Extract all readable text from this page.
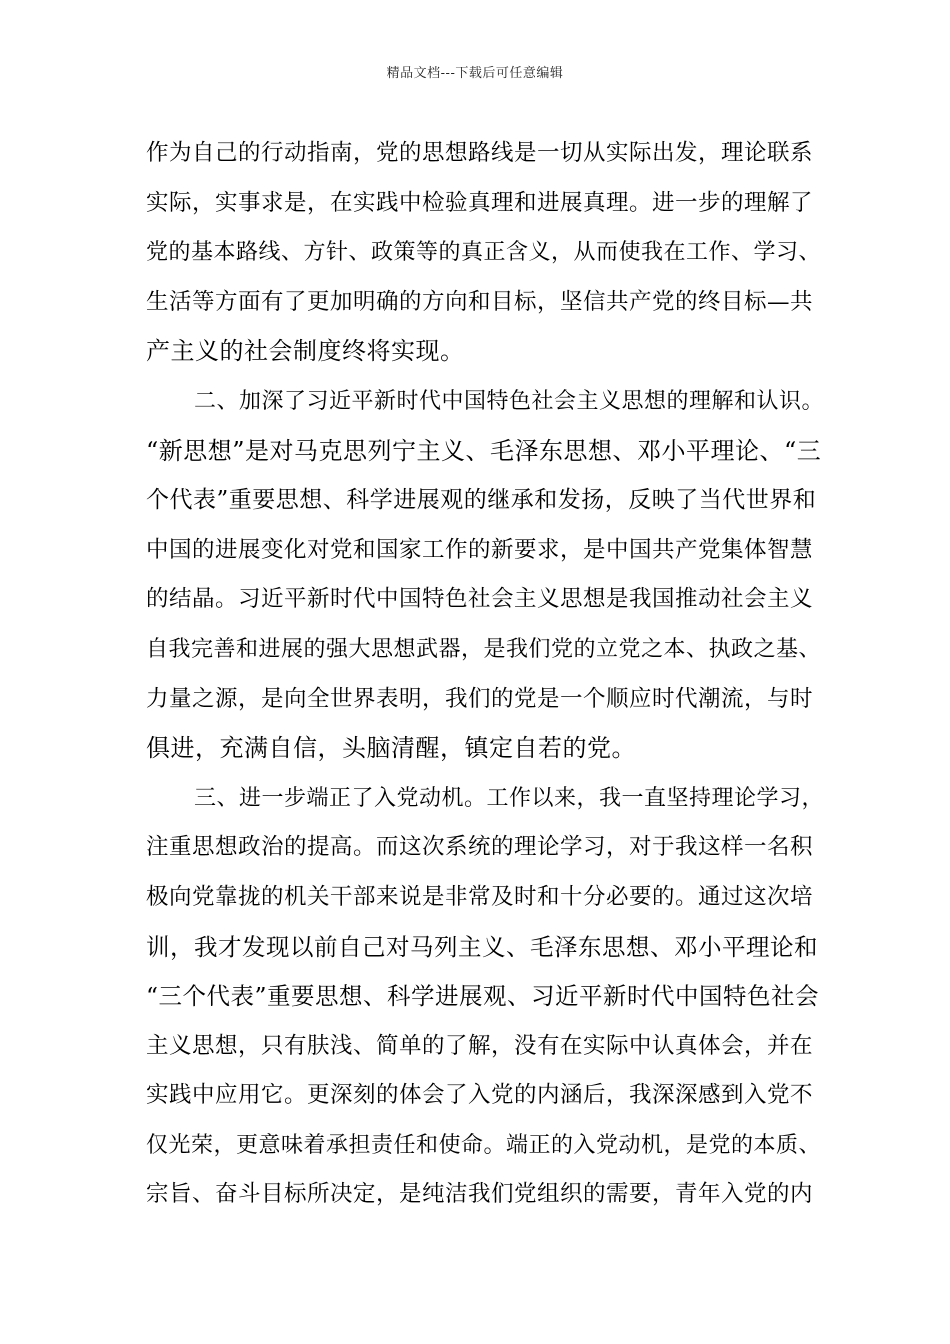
精品文档---下载后可任意编辑
作为自己的行动指南，党的思想路线是一切从实际出发，理论联系
实际，实事求是，在实践中检验真理和进展真理。进一步的理解了
党的基本路线、方针、政策等的真正含义，从而使我在工作、学习、
生活等方面有了更加明确的方向和目标，坚信共产党的终目标—共
产主义的社会制度终将实现。
二、加深了习近平新时代中国特色社会主义思想的理解和认识。
“新思想”是对马克思列宁主义、毛泽东思想、邓小平理论、“三
个代表”重要思想、科学进展观的继承和发扬，反映了当代世界和
中国的进展变化对党和国家工作的新要求，是中国共产党集体智慧
的结晶。习近平新时代中国特色社会主义思想是我国推动社会主义
自我完善和进展的强大思想武器，是我们党的立党之本、执政之基、
力量之源，是向全世界表明，我们的党是一个顺应时代潮流，与时
俱进，充满自信，头脑清醒，镇定自若的党。
三、进一步端正了入党动机。工作以来，我一直坚持理论学习，
注重思想政治的提高。而这次系统的理论学习，对于我这样一名积
极向党靠拢的机关干部来说是非常及时和十分必要的。通过这次培
训，我才发现以前自己对马列主义、毛泽东思想、邓小平理论和
“三个代表”重要思想、科学进展观、习近平新时代中国特色社会
主义思想，只有肤浅、简单的了解，没有在实际中认真体会，并在
实践中应用它。更深刻的体会了入党的内涵后，我深深感到入党不
仅光荣，更意味着承担责任和使命。端正的入党动机，是党的本质、
宗旨、奋斗目标所决定，是纯洁我们党组织的需要，青年入党的内
